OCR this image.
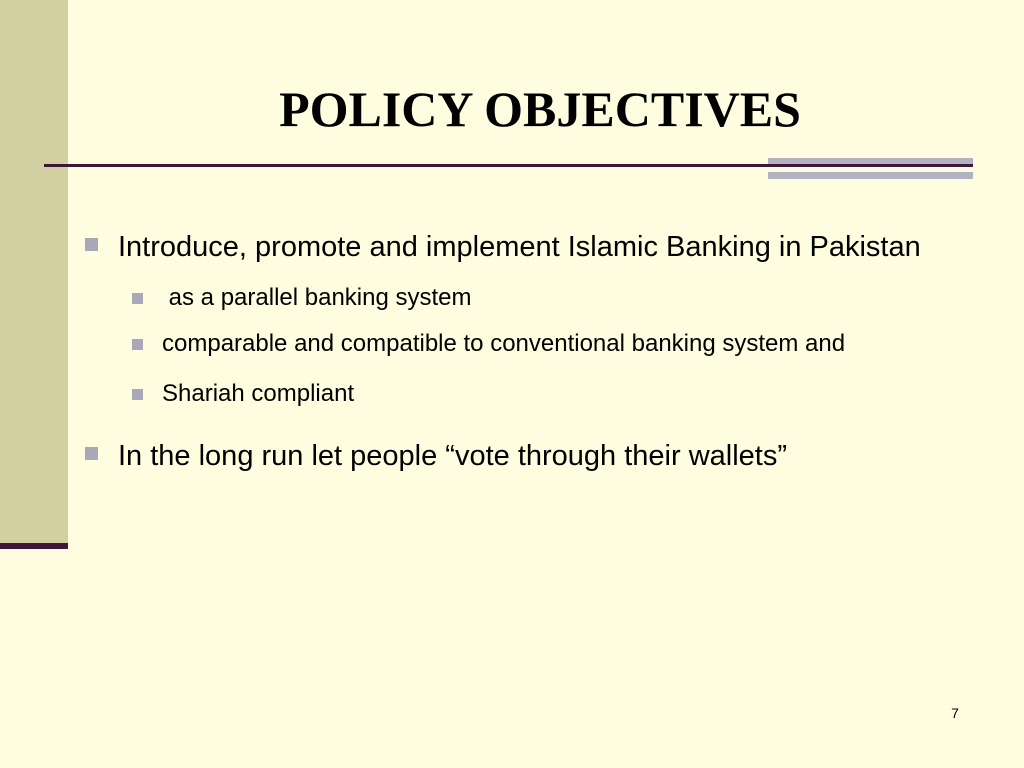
POLICY OBJECTIVES
Introduce, promote and implement Islamic Banking in Pakistan
as a parallel banking system
comparable and compatible to conventional banking system and
Shariah compliant
In the long run let people “vote through their wallets”
7
